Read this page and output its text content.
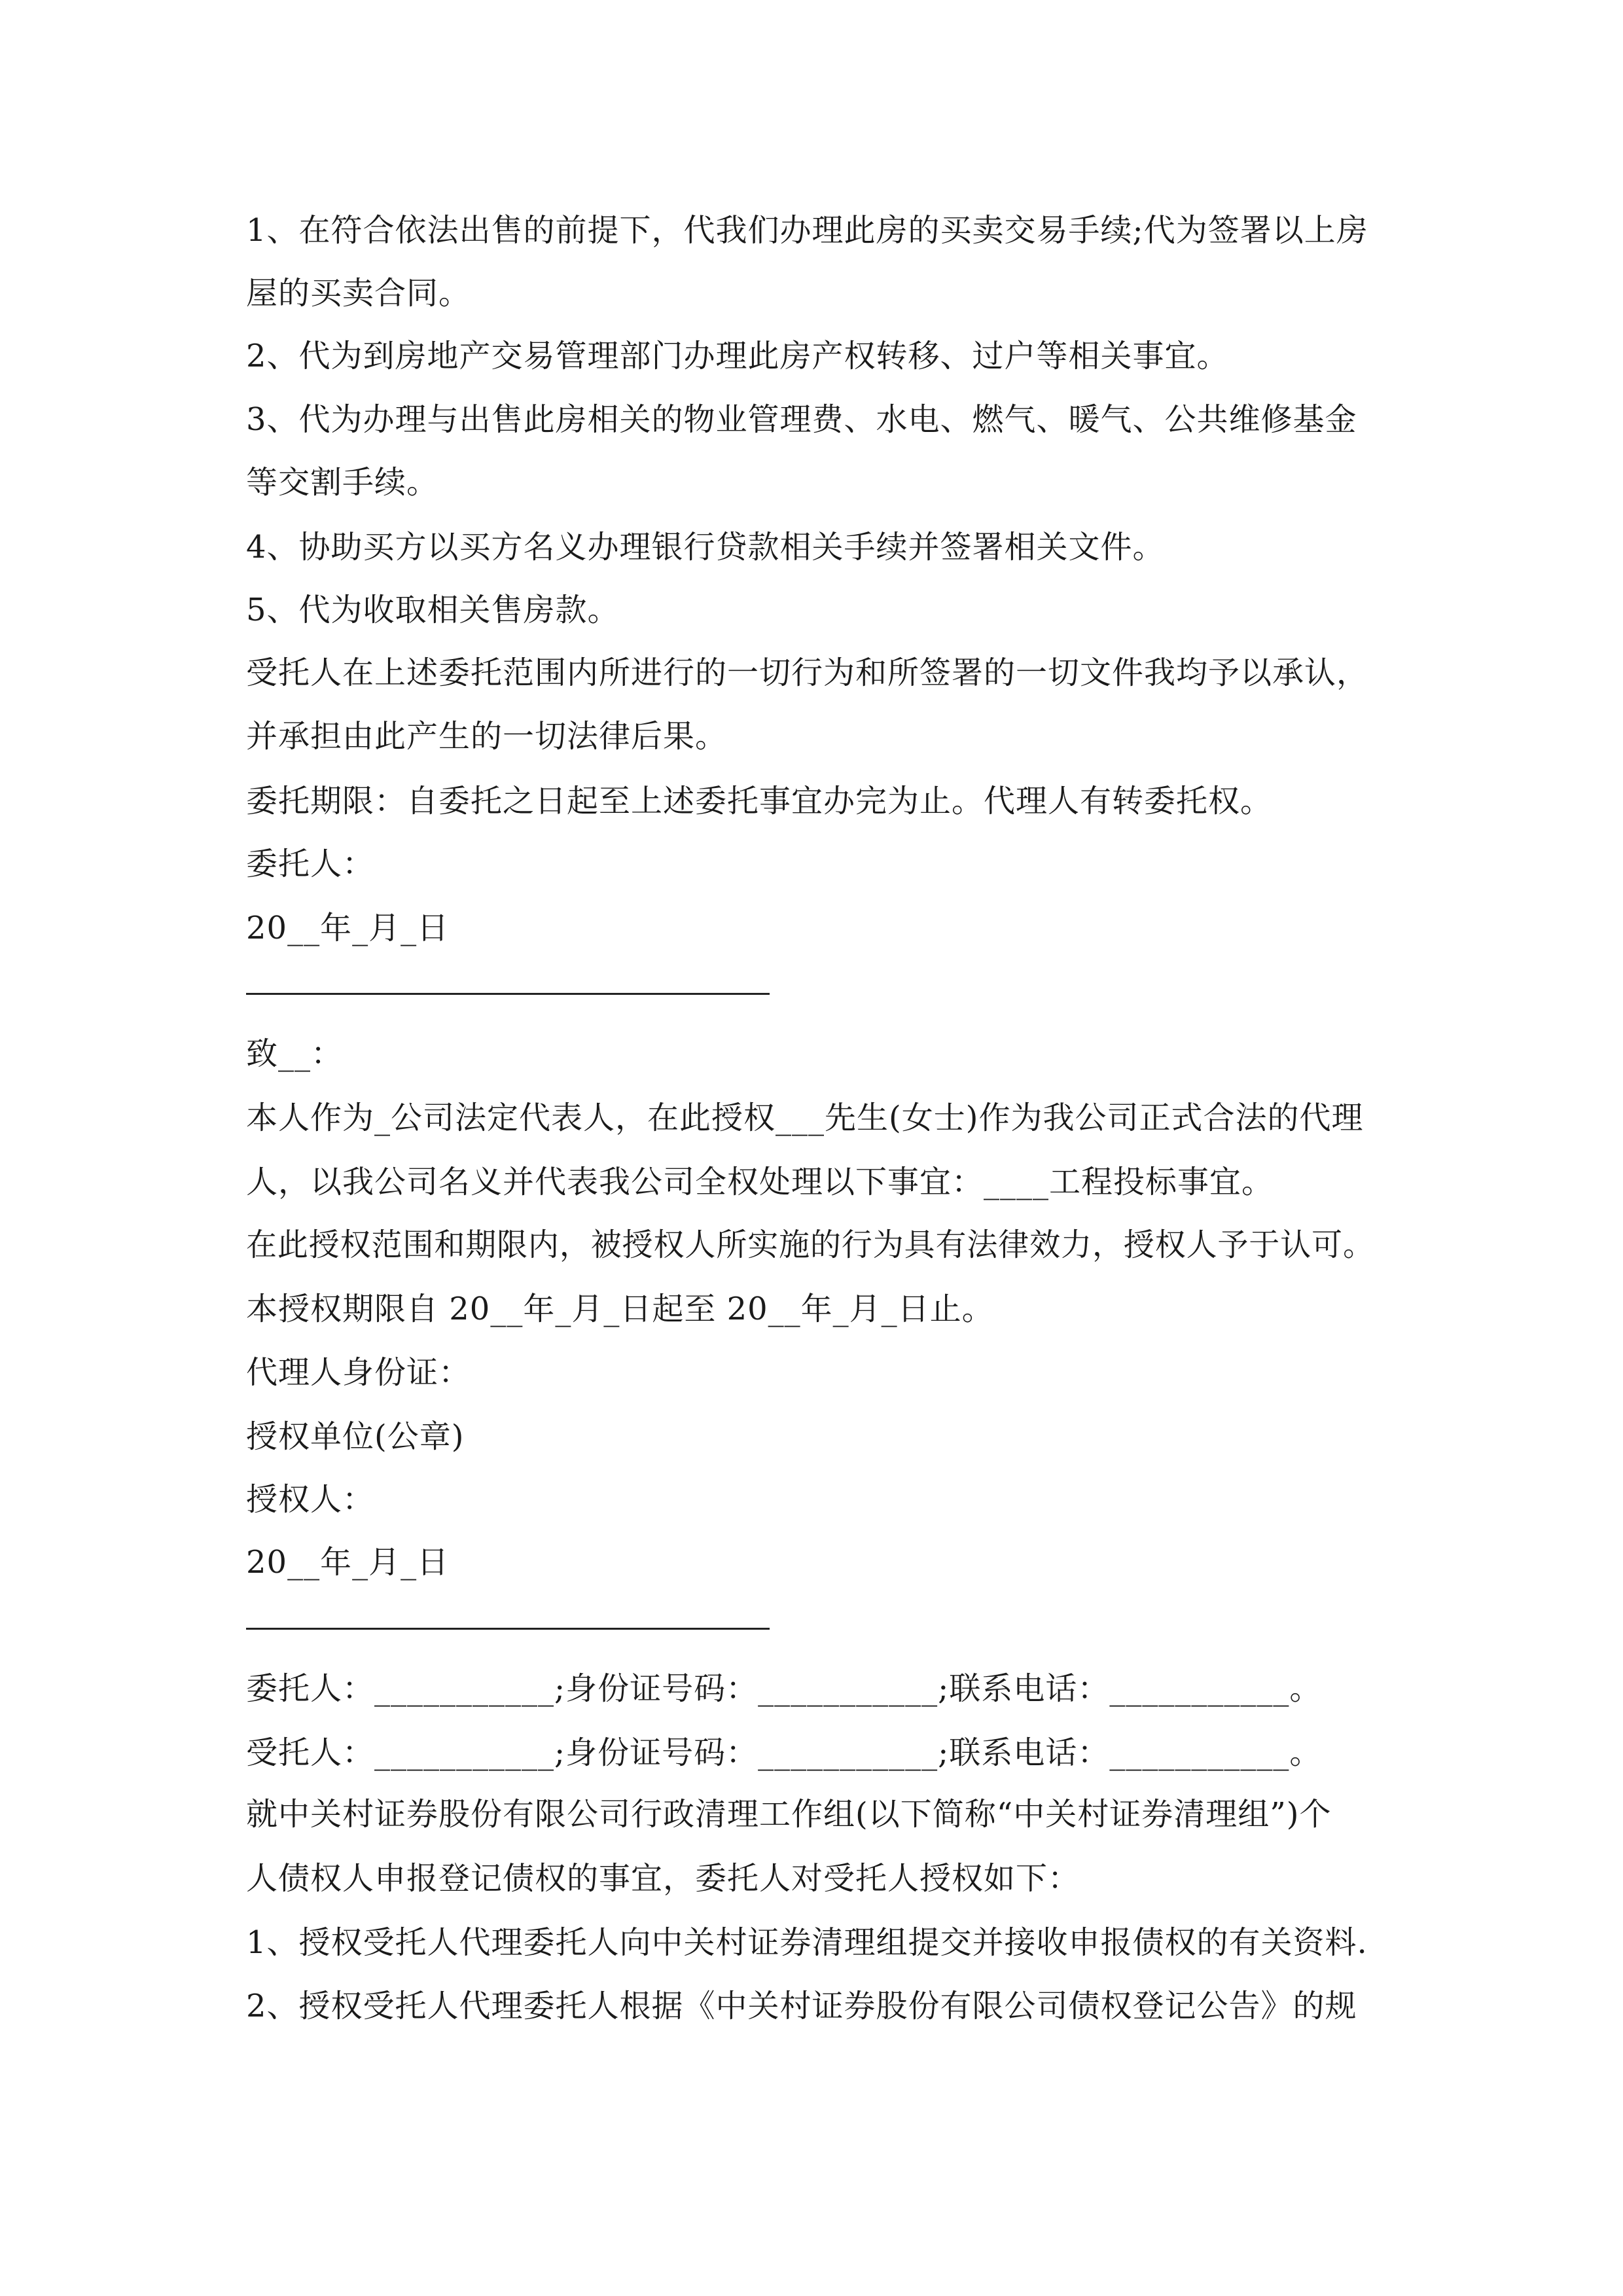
1、在符合依法出售的前提下，代我们办理此房的买卖交易手续;代为签署以上房
屋的买卖合同。
2、代为到房地产交易管理部门办理此房产权转移、过户等相关事宜。
3、代为办理与出售此房相关的物业管理费、水电、燃气、暖气、公共维修基金
等交割手续。
4、协助买方以买方名义办理银行贷款相关手续并签署相关文件。
5、代为收取相关售房款。
受托人在上述委托范围内所进行的一切行为和所签署的一切文件我均予以承认，
并承担由此产生的一切法律后果。
委托期限：自委托之日起至上述委托事宜办完为止。代理人有转委托权。
委托人：
20__年_月_日
致__：
本人作为_公司法定代表人，在此授权___先生(女士)作为我公司正式合法的代理
人，以我公司名义并代表我公司全权处理以下事宜：____工程投标事宜。
在此授权范围和期限内，被授权人所实施的行为具有法律效力，授权人予于认可。
本授权期限自 20__年_月_日起至 20__年_月_日止。
代理人身份证：
授权单位(公章)
授权人：
20__年_月_日
委托人：___________;身份证号码：___________;联系电话：___________。
受托人：___________;身份证号码：___________;联系电话：___________。
就中关村证券股份有限公司行政清理工作组(以下简称“中关村证券清理组”)个
人债权人申报登记债权的事宜，委托人对受托人授权如下：
1、授权受托人代理委托人向中关村证券清理组提交并接收申报债权的有关资料.
2、授权受托人代理委托人根据《中关村证券股份有限公司债权登记公告》的规
